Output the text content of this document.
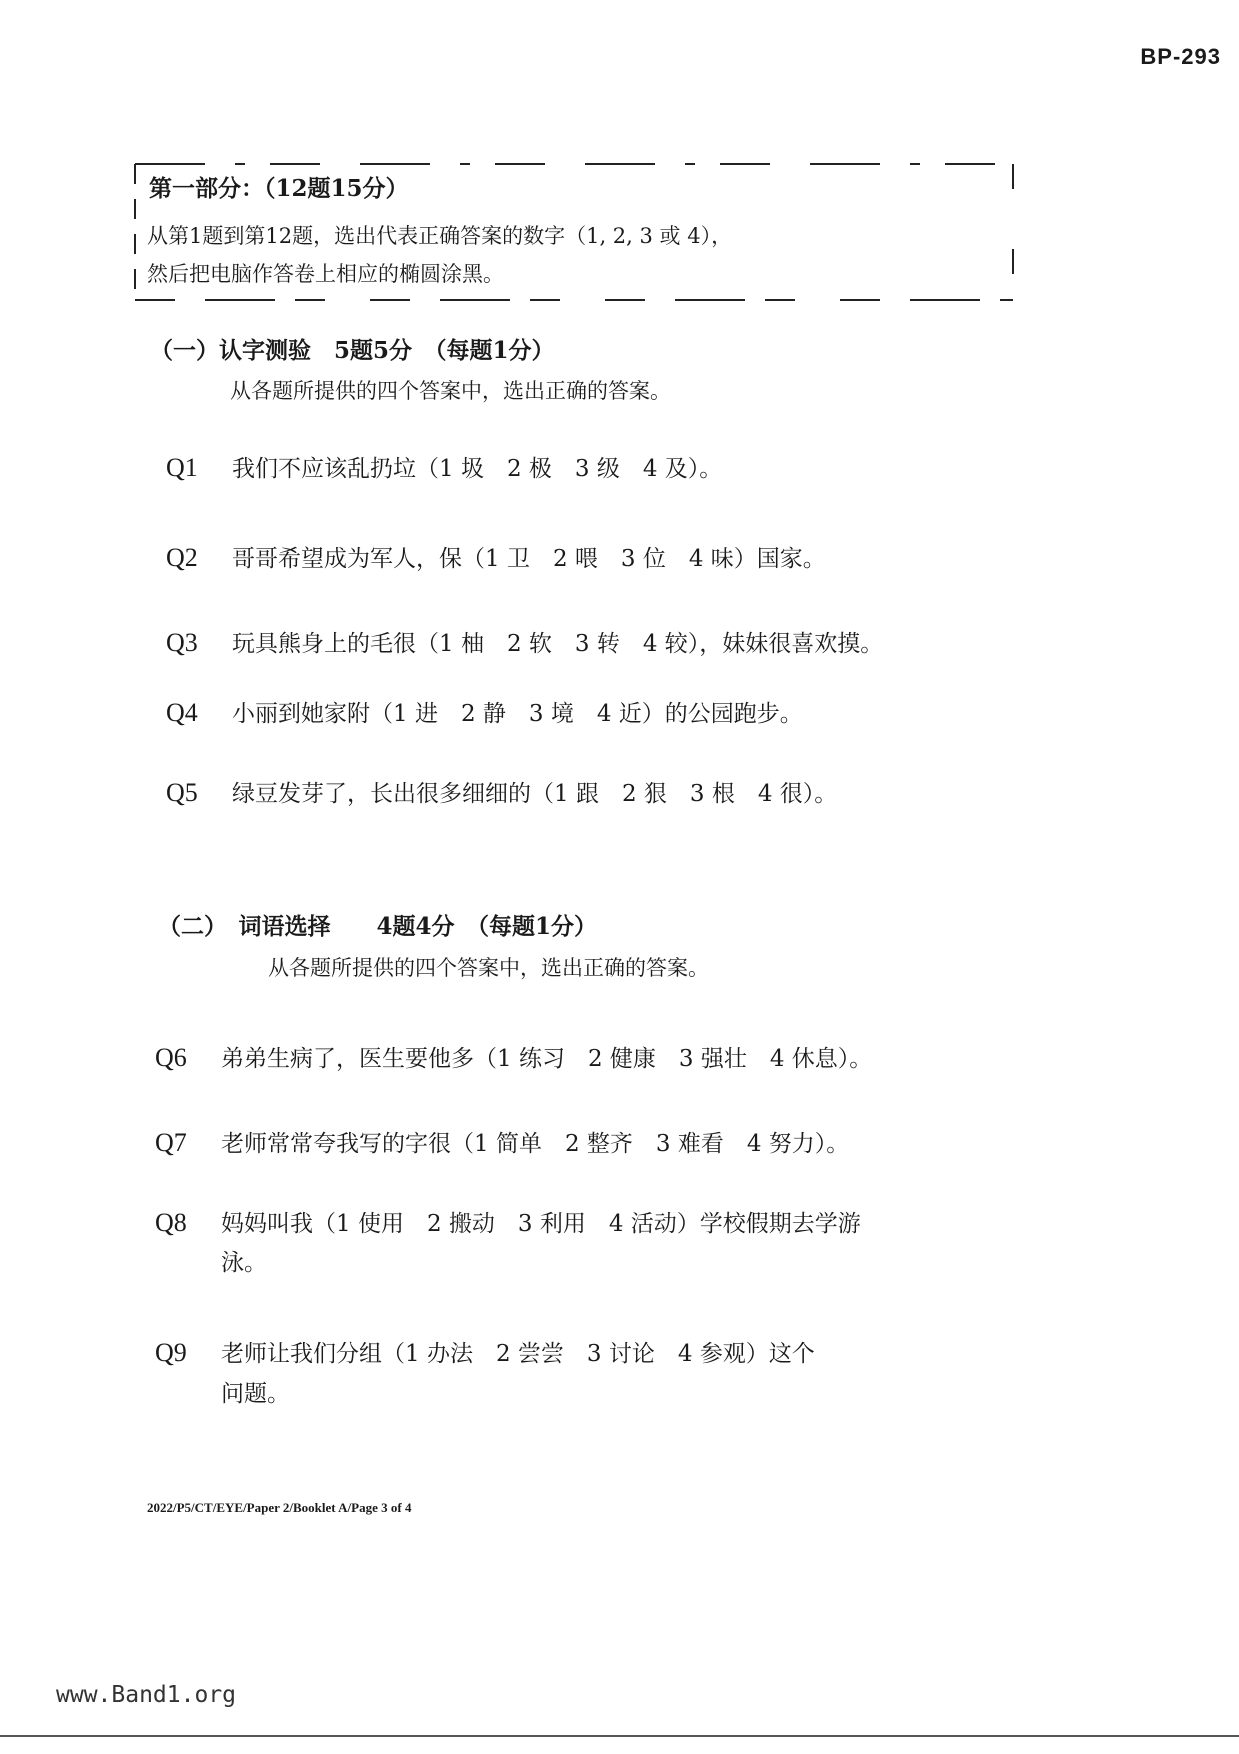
BP-293
第一部分：（12题15分）
从第1题到第12题，选出代表正确答案的数字（1, 2, 3 或 4），
然后把电脑作答卷上相应的椭圆涂黑。
（一）认字测验　5题5分　（每题1分）
从各题所提供的四个答案中，选出正确的答案。
Q1 我们不应该乱扔垃（1 圾　2 极　3 级　4 及）。
Q2 哥哥希望成为军人，保（1 卫　2 喂　3 位　4 味）国家。
Q3 玩具熊身上的毛很（1 柚　2 软　3 转　4 较），妹妹很喜欢摸。
Q4 小丽到她家附（1 进　2 静　3 境　4 近）的公园跑步。
Q5 绿豆发芽了，长出很多细细的（1 跟　2 狠　3 根　4 很）。
（二）　词语选择　　4题4分　（每题1分）
从各题所提供的四个答案中，选出正确的答案。
Q6 弟弟生病了，医生要他多（1 练习　2 健康　3 强壮　4 休息）。
Q7 老师常常夸我写的字很（1 简单　2 整齐　3 难看　4 努力）。
Q8 妈妈叫我（1 使用　2 搬动　3 利用　4 活动）学校假期去学游
泳。
Q9 老师让我们分组（1 办法　2 尝尝　3 讨论　4 参观）这个
问题。
2022/P5/CT/EYE/Paper 2/Booklet A/Page 3 of 4
www.Band1.org
